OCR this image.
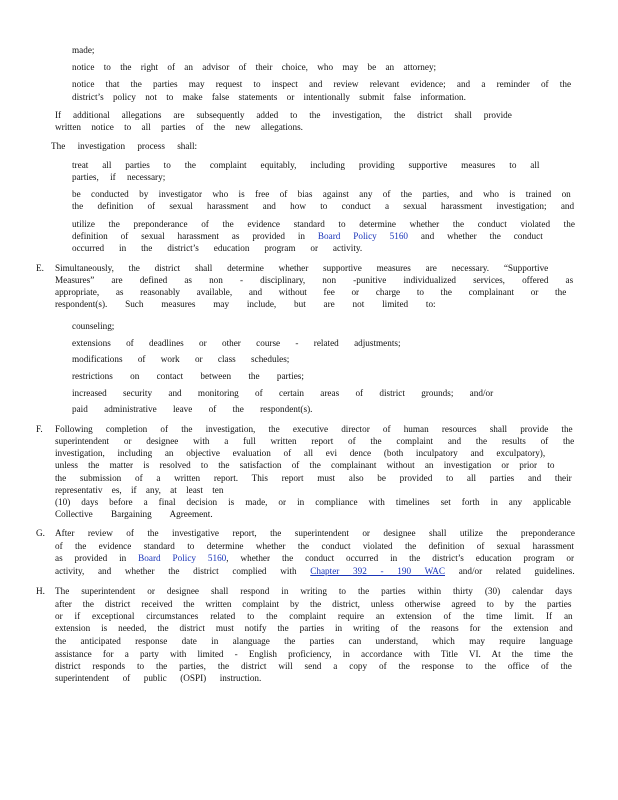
made;
notice to the right of an advisor of their choice, who may be an attorney;
notice that the parties may request to inspect and review relevant evidence; and a reminder of the
district’s policy not to make false statements or intentionally submit false information.
If additional allegations are subsequently added to the investigation, the district shall provide
written notice to all parties of the new allegations.
The investigation process shall:
treat all parties to the complaint equitably, including providing supportive measures to all
parties, if necessary;
be conducted by investigator who is free of bias against any of the parties, and who is trained on
the definition of sexual harassment and how to conduct a sexual harassment investigation; and
utilize the preponderance of the evidence standard to determine whether the conduct violated the
definition of sexual harassment as provided in Board Policy 5160 and whether the conduct
occurred in the district’s education program or activity.
E. Simultaneously, the district shall determine whether supportive measures are necessary. “Supportive
Measures” are defined as non - disciplinary, non -punitive individualized services, offered as
appropriate, as reasonably available, and without fee or charge to the complainant or the
respondent(s). Such measures may include, but are not limited to:
counseling;
extensions of deadlines or other course - related adjustments;
modifications of work or class schedules;
restrictions on contact between the parties;
increased security and monitoring of certain areas of district grounds; and/or
paid administrative leave of the respondent(s).
F. Following completion of the investigation, the executive director of human resources shall provide the
superintendent or designee with a full written report of the complaint and the results of the
investigation, including an objective evaluation of all evi dence (both inculpatory and exculpatory),
unless the matter is resolved to the satisfaction of the complainant without an investigation or prior to
the submission of a written report. This report must also be provided to all parties and their
representativ es, if any, at least ten
(10) days before a final decision is made, or in compliance with timelines set forth in any applicable
Collective Bargaining Agreement.
G. After review of the investigative report, the superintendent or designee shall utilize the preponderance
of the evidence standard to determine whether the conduct violated the definition of sexual harassment
as provided in Board Policy 5160, whether the conduct occurred in the district’s education program or
activity, and whether the district complied with Chapter 392 - 190 WAC and/or related guidelines.
H. The superintendent or designee shall respond in writing to the parties within thirty (30) calendar days
after the district received the written complaint by the district, unless otherwise agreed to by the parties
or if exceptional circumstances related to the complaint require an extension of the time limit. If an
extension is needed, the district must notify the parties in writing of the reasons for the extension and
the anticipated response date in alanguage the parties can understand, which may require language
assistance for a party with limited - English proficiency, in accordance with Title VI. At the time the
district responds to the parties, the district will send a copy of the response to the office of the
superintendent of public (OSPI) instruction.
